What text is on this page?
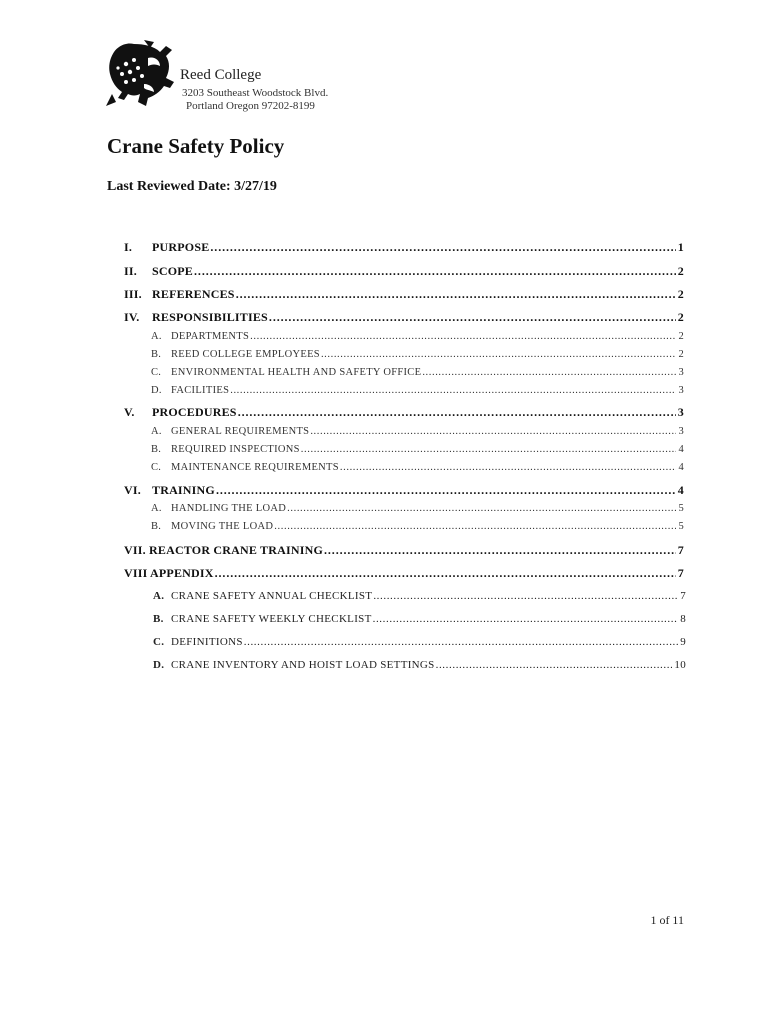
Reed College
3203 Southeast Woodstock Blvd.
Portland Oregon 97202-8199
Crane Safety Policy
Last Reviewed Date: 3/27/19
I.	PURPOSE .....	1
II.	SCOPE .....	2
III. REFERENCES .....	2
IV.	RESPONSIBILITIES .....	2
A. DEPARTMENTS .....	2
B. REED COLLEGE EMPLOYEES .....	2
C. ENVIRONMENTAL HEALTH AND SAFETY OFFICE .....	3
D. FACILITIES .....	3
V.	PROCEDURES .....	3
A. GENERAL REQUIREMENTS .....	3
B. REQUIRED INSPECTIONS .....	4
C. MAINTENANCE REQUIREMENTS .....	4
VI. TRAINING .....	4
A. HANDLING THE LOAD .....	5
B. MOVING THE LOAD .....	5
VII. REACTOR CRANE TRAINING .....	7
VIII APPENDIX .....	7
A. CRANE SAFETY ANNUAL CHECKLIST .....	7
B. CRANE SAFETY WEEKLY CHECKLIST .....	8
C. DEFINITIONS .....	9
D. CRANE INVENTORY AND HOIST LOAD SETTINGS .....	10
1 of 11
